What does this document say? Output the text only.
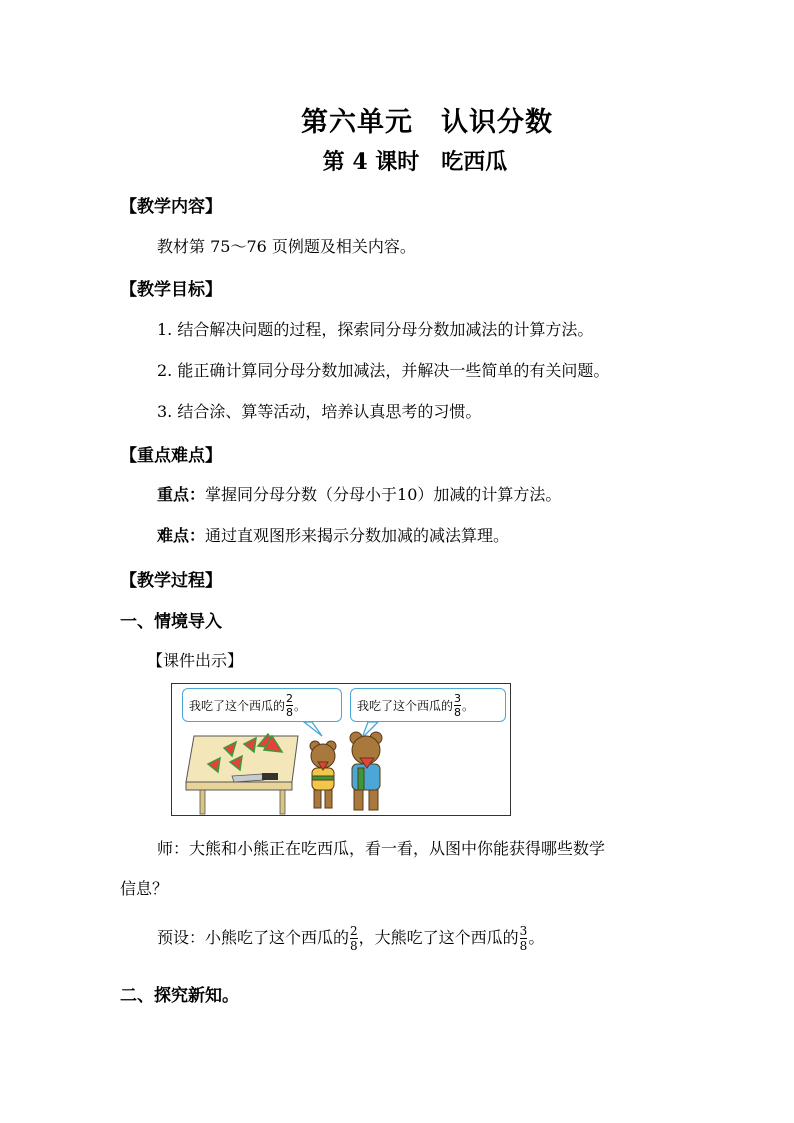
第六单元　认识分数
第 4 课时　吃西瓜
【教学内容】
教材第 75～76 页例题及相关内容。
【教学目标】
1. 结合解决问题的过程，探索同分母分数加减法的计算方法。
2. 能正确计算同分母分数加减法，并解决一些简单的有关问题。
3. 结合涂、算等活动，培养认真思考的习惯。
【重点难点】
重点：掌握同分母分数（分母小于10）加减的计算方法。
难点：通过直观图形来揭示分数加减的减法算理。
【教学过程】
一、情境导入
【课件出示】
我吃了这个西瓜的 $\frac{2}{8}$ 。	我吃了这个西瓜的 $\frac{3}{8}$ 。
师：大熊和小熊正在吃西瓜，看一看，从图中你能获得哪些数学
信息？
预设：小熊吃了这个西瓜的 $\frac{2}{8}$ ，大熊吃了这个西瓜的 $\frac{3}{8}$ 。
二、探究新知。
